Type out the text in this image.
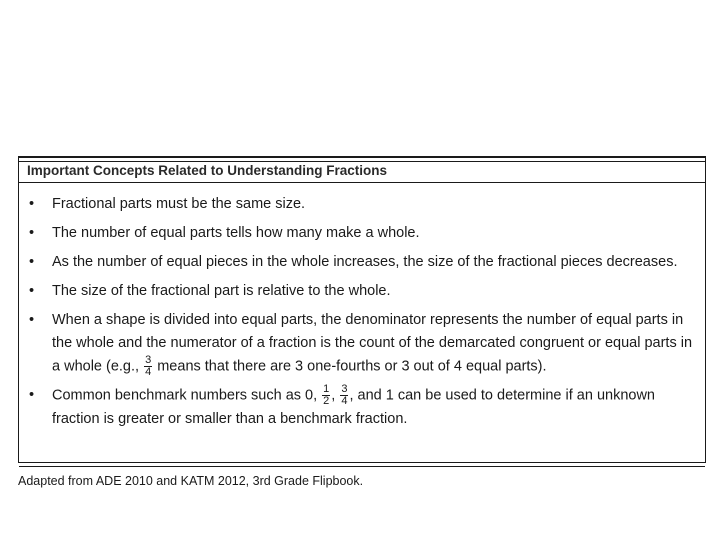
Important Concepts Related to Understanding Fractions
• Fractional parts must be the same size.
• The number of equal parts tells how many make a whole.
• As the number of equal pieces in the whole increases, the size of the fractional pieces decreases.
• The size of the fractional part is relative to the whole.
• When a shape is divided into equal parts, the denominator represents the number of equal parts in the whole and the numerator of a fraction is the count of the demarcated congruent or equal parts in a whole (e.g., $\frac{3}{4}$ means that there are 3 one-fourths or 3 out of 4 equal parts).
• Common benchmark numbers such as 0, $\frac{1}{2}$ , $\frac{3}{4}$ , and 1 can be used to determine if an unknown fraction is greater or smaller than a benchmark fraction.
Adapted from ADE 2010 and KATM 2012, 3rd Grade Flipbook.
